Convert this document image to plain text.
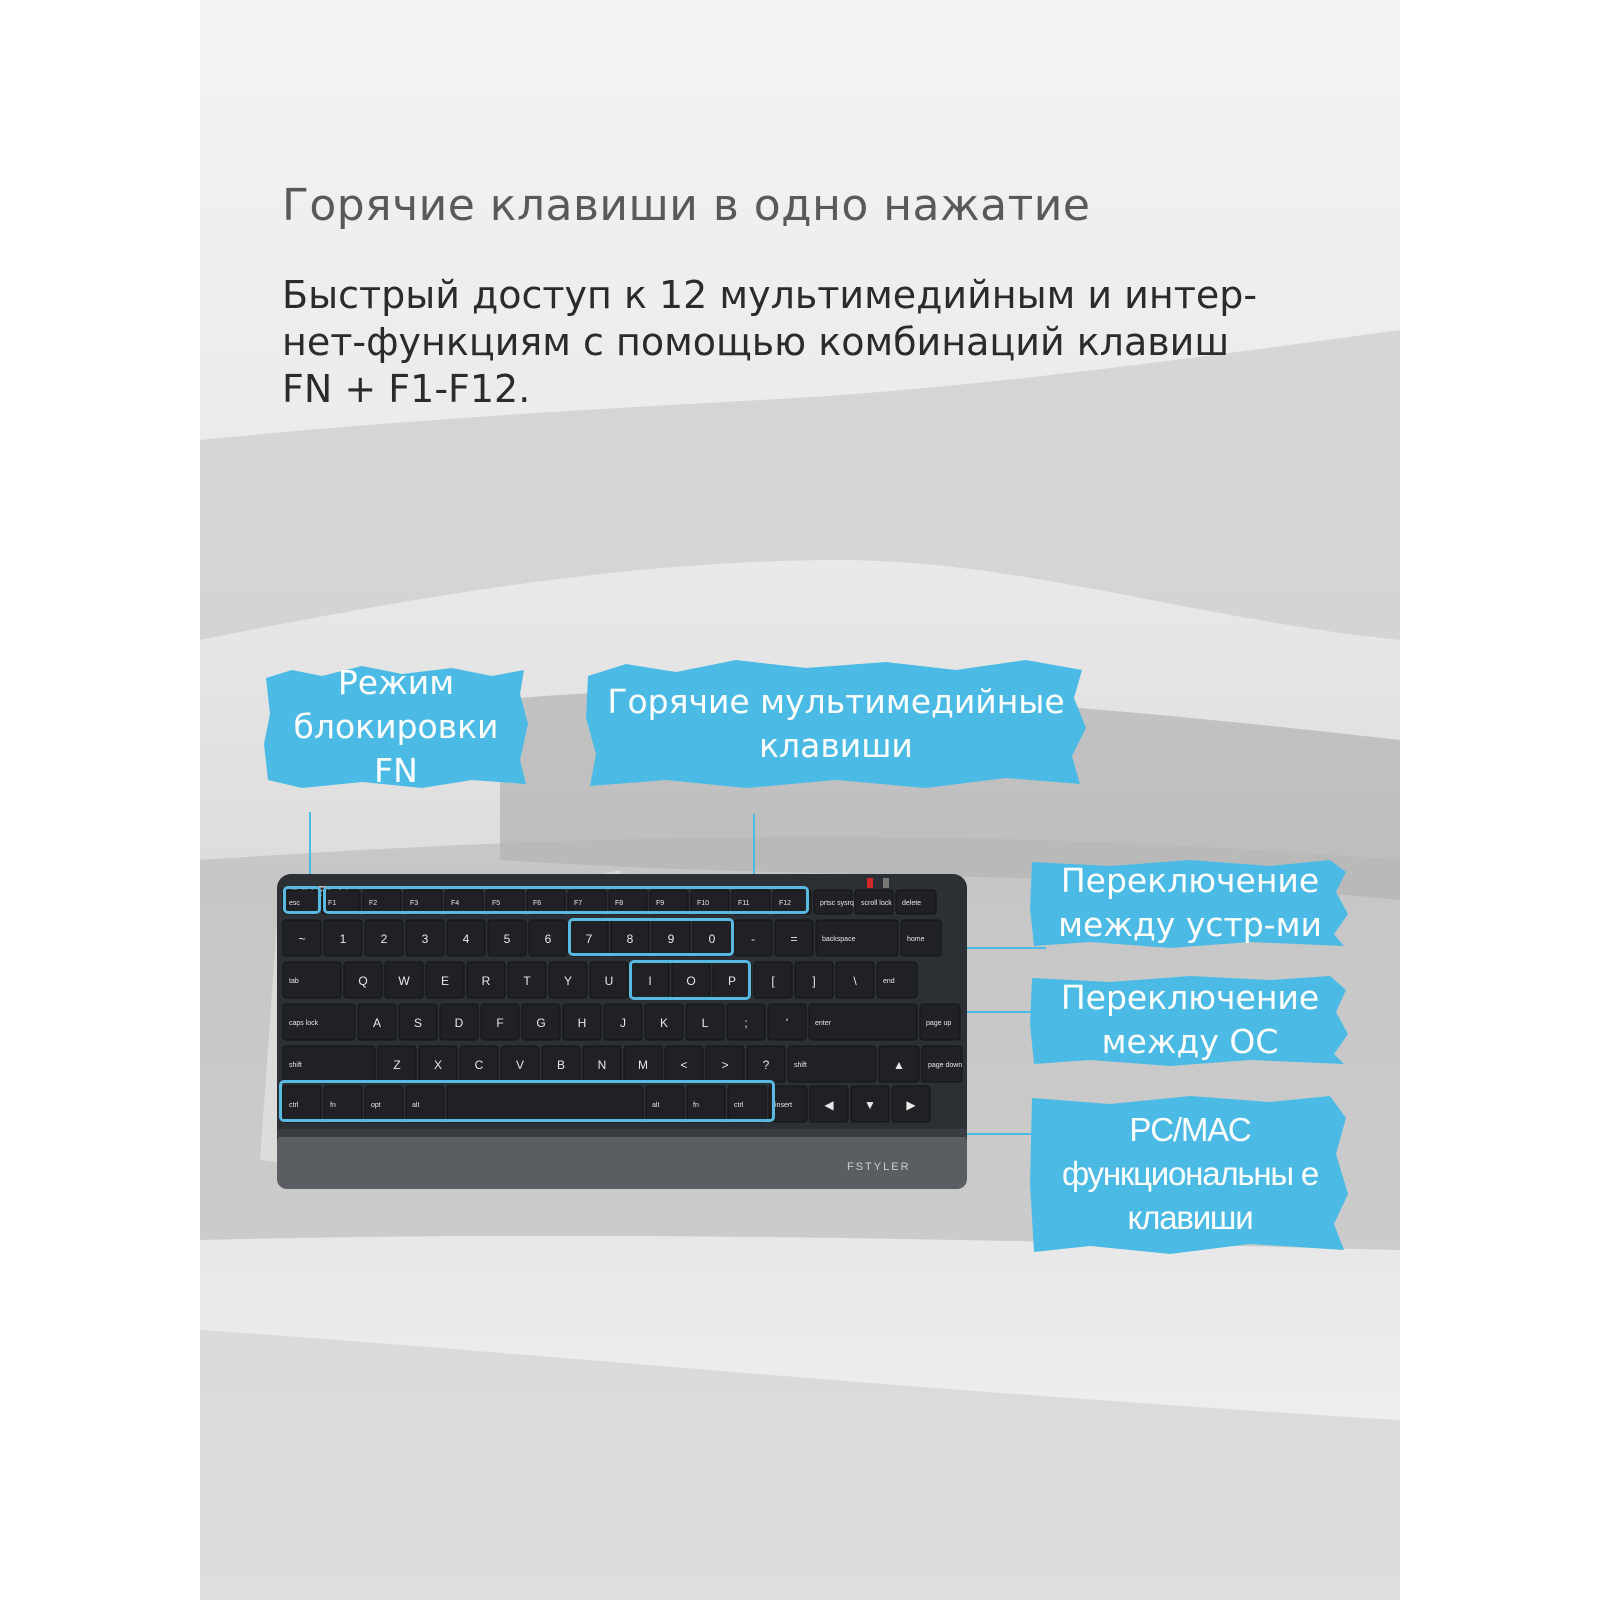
Горячие клавиши в одно нажатие

Быстрый доступ к 12 мультимедийным и интер-нет-функциям с помощью комбинаций клавиш FN + F1-F12.

Режим блокировки FN
Горячие мультимедийные клавиши
Переключение между устр-ми
Переключение между ОС
PC/MAC функциональны е клавиши
FSTYLER
esc	F1	F2	F3	F4	F5	F6	F7	F8	F9	F10	F11	F12	prtsc sysrq scroll lock delete
~	1	2	3	4	5	6	7	8	9	0	-	=	backspace	home
tab	Q	W	E	R	T	Y	U	I	O	P	[	]	\	end
caps lock	A	S	D	F	G	H	J	K	L	;	'	enter	page up
shift	Z	X	C	V	B	N	M	<	>	?	shift	▲	page down
ctrl	fn	opt	alt	alt	fn	ctrl	insert	◀	▼	▶
